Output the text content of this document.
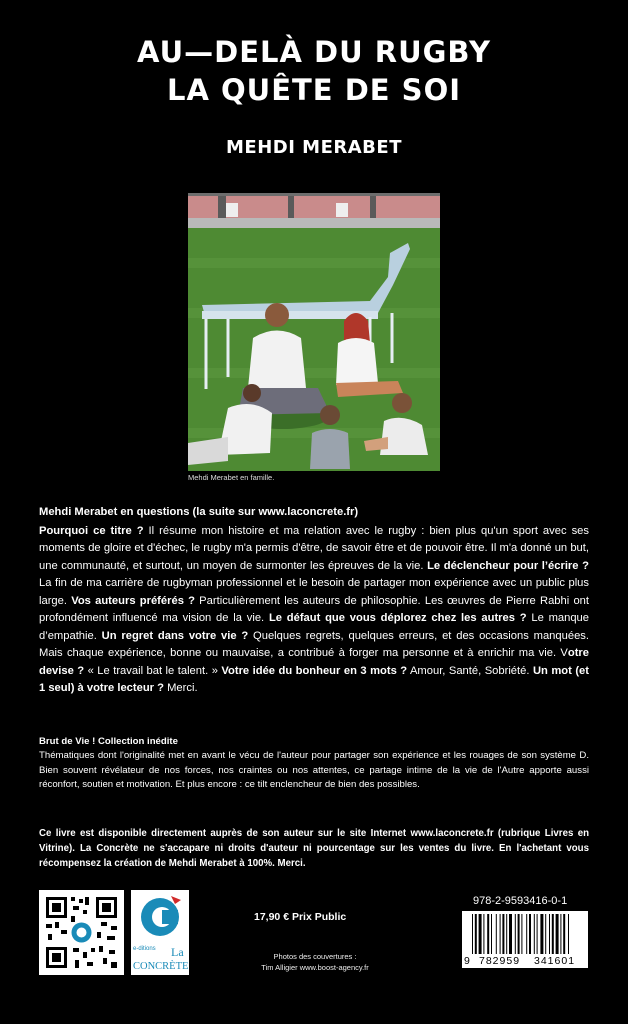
AU—DELÀ DU RUGBY
LA QUÊTE DE SOI
MEHDI MERABET
Mehdi Merabet en famille.
Mehdi Merabet en questions (la suite sur www.laconcrete.fr)
Pourquoi ce titre ? Il résume mon histoire et ma relation avec le rugby : bien plus qu'un sport avec ses moments de gloire et d'échec, le rugby m'a permis d'être, de savoir être et de pouvoir être. Il m'a donné un but, une communauté, et surtout, un moyen de surmonter les épreuves de la vie. Le déclencheur pour l’écrire ? La fin de ma carrière de rugbyman professionnel et le besoin de partager mon expérience avec un public plus large. Vos auteurs préférés ? Particulièrement les auteurs de philosophie. Les œuvres de Pierre Rabhi ont profondément influencé ma vision de la vie. Le défaut que vous déplorez chez les autres ? Le manque d’empathie. Un regret dans votre vie ? Quelques regrets, quelques erreurs, et des occasions manquées. Mais chaque expérience, bonne ou mauvaise, a contribué à forger ma personne et à enrichir ma vie. Votre devise ? « Le travail bat le talent. » Votre idée du bonheur en 3 mots ? Amour, Santé, Sobriété. Un mot (et 1 seul) à votre lecteur ? Merci.
Brut de Vie ! Collection inédite
Thématiques dont l'originalité met en avant le vécu de l'auteur pour partager son expérience et les rouages de son système D. Bien souvent révélateur de nos forces, nos craintes ou nos attentes, ce partage intime de la vie de l'Autre apporte aussi réconfort, soutien et motivation. Et plus encore : ce tilt enclencheur de bien des possibles.
Ce livre est disponible directement auprès de son auteur sur le site Internet www.laconcrete.fr (rubrique Livres en Vitrine). La Concrète ne s'accapare ni droits d'auteur ni pourcentage sur les ventes du livre. En l'achetant vous récompensez la création de Mehdi Merabet à 100%. Merci.
e-ditions La
CONCRÈTE
17,90 € Prix Public
Photos des couvertures :
Tim Alligier www.boost-agency.fr
978-2-9593416-0-1
9 782959 341601
